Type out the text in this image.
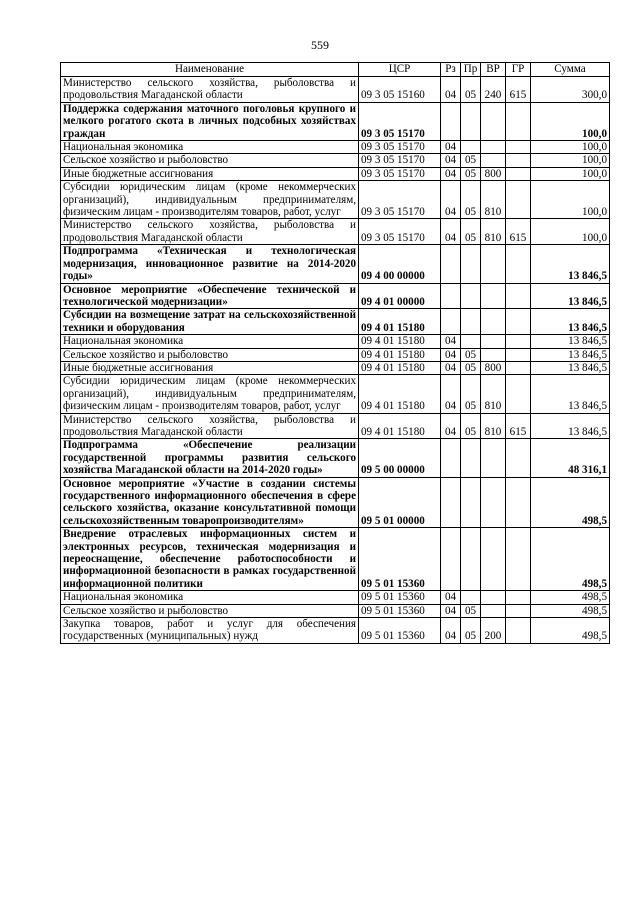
559
Наименование	ЦСР	Рз	Пр	ВР	ГР	Сумма
Министерство сельского хозяйства, рыболовства и продовольствия Магаданской области	09 3 05 15160	04	05	240	615	300,0
Поддержка содержания маточного поголовья крупного и мелкого рогатого скота в личных подсобных хозяйствах граждан	09 3 05 15170					100,0
Национальная экономика	09 3 05 15170	04				100,0
Сельское хозяйство и рыболовство	09 3 05 15170	04	05			100,0
Иные бюджетные ассигнования	09 3 05 15170	04	05	800		100,0
Субсидии юридическим лицам (кроме некоммерческих организаций), индивидуальным предпринимателям, физическим лицам - производителям товаров, работ, услуг	09 3 05 15170	04	05	810		100,0
Министерство сельского хозяйства, рыболовства и продовольствия Магаданской области	09 3 05 15170	04	05	810	615	100,0
Подпрограмма «Техническая и технологическая модернизация, инновационное развитие на 2014-2020 годы»	09 4 00 00000					13 846,5
Основное мероприятие «Обеспечение технической и технологической модернизации»	09 4 01 00000					13 846,5
Субсидии на возмещение затрат на сельскохозяйственной техники и оборудования	09 4 01 15180					13 846,5
Национальная экономика	09 4 01 15180	04				13 846,5
Сельское хозяйство и рыболовство	09 4 01 15180	04	05			13 846,5
Иные бюджетные ассигнования	09 4 01 15180	04	05	800		13 846,5
Субсидии юридическим лицам (кроме некоммерческих организаций), индивидуальным предпринимателям, физическим лицам - производителям товаров, работ, услуг	09 4 01 15180	04	05	810		13 846,5
Министерство сельского хозяйства, рыболовства и продовольствия Магаданской области	09 4 01 15180	04	05	810	615	13 846,5
Подпрограмма «Обеспечение реализации государственной программы развития сельского хозяйства Магаданской области на 2014-2020 годы»	09 5 00 00000					48 316,1
Основное мероприятие «Участие в создании системы государственного информационного обеспечения в сфере сельского хозяйства, оказание консультативной помощи сельскохозяйственным товаропроизводителям»	09 5 01 00000					498,5
Внедрение отраслевых информационных систем и электронных ресурсов, техническая модернизация и переоснащение, обеспечение работоспособности и информационной безопасности в рамках государственной информационной политики	09 5 01 15360					498,5
Национальная экономика	09 5 01 15360	04				498,5
Сельское хозяйство и рыболовство	09 5 01 15360	04	05			498,5
Закупка товаров, работ и услуг для обеспечения государственных (муниципальных) нужд	09 5 01 15360	04	05	200		498,5
